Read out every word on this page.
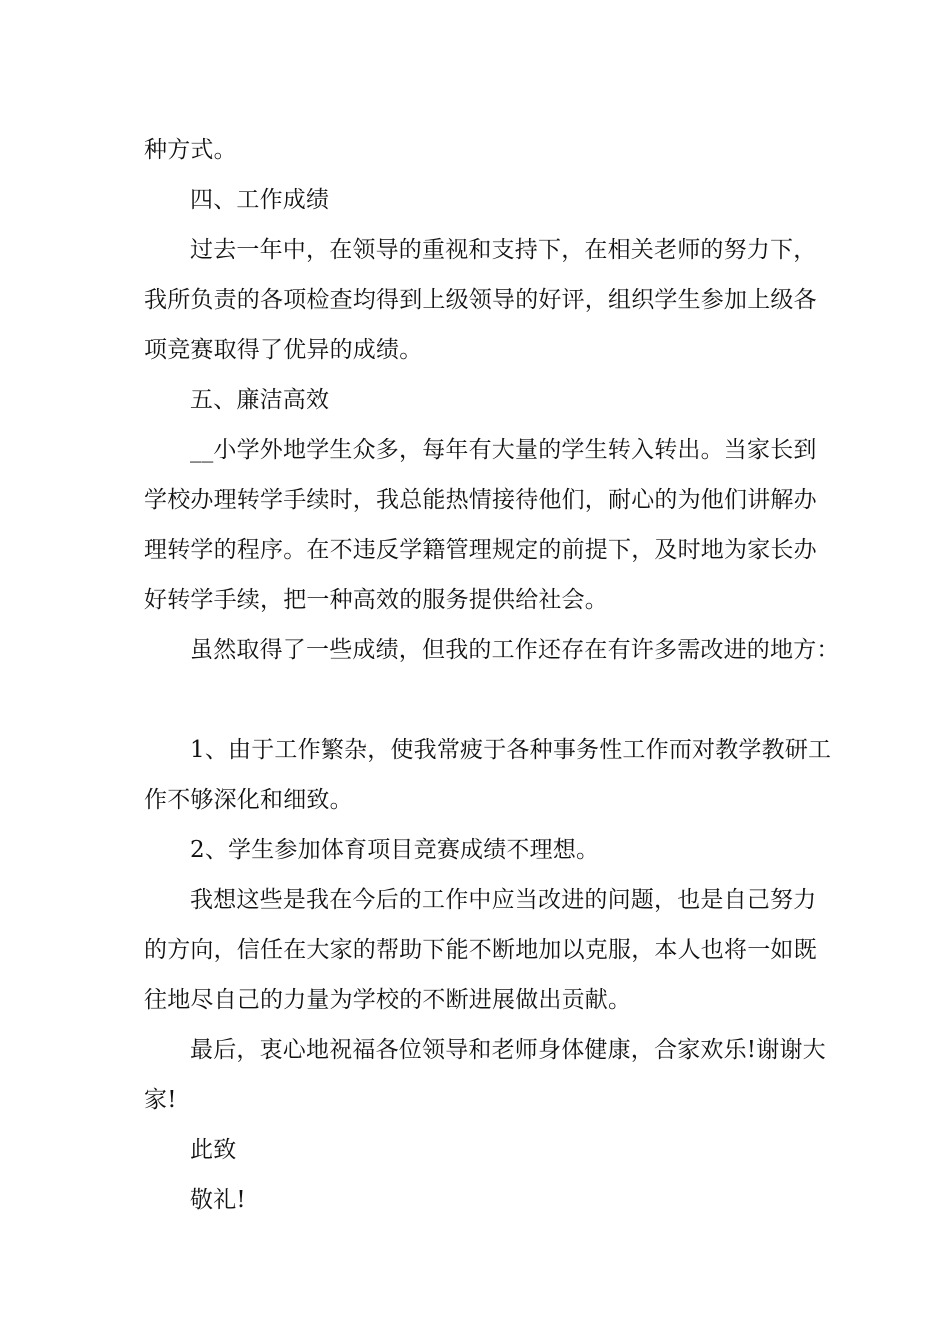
种方式。
四、工作成绩
过去一年中，在领导的重视和支持下，在相关老师的努力下，
我所负责的各项检查均得到上级领导的好评，组织学生参加上级各
项竞赛取得了优异的成绩。
五、廉洁高效
__小学外地学生众多，每年有大量的学生转入转出。当家长到
学校办理转学手续时，我总能热情接待他们，耐心的为他们讲解办
理转学的程序。在不违反学籍管理规定的前提下，及时地为家长办
好转学手续，把一种高效的服务提供给社会。
虽然取得了一些成绩，但我的工作还存在有许多需改进的地方：
1、由于工作繁杂，使我常疲于各种事务性工作而对教学教研工
作不够深化和细致。
2、学生参加体育项目竞赛成绩不理想。
我想这些是我在今后的工作中应当改进的问题，也是自己努力
的方向，信任在大家的帮助下能不断地加以克服，本人也将一如既
往地尽自己的力量为学校的不断进展做出贡献。
最后，衷心地祝福各位领导和老师身体健康，合家欢乐!谢谢大
家!
此致
敬礼!
